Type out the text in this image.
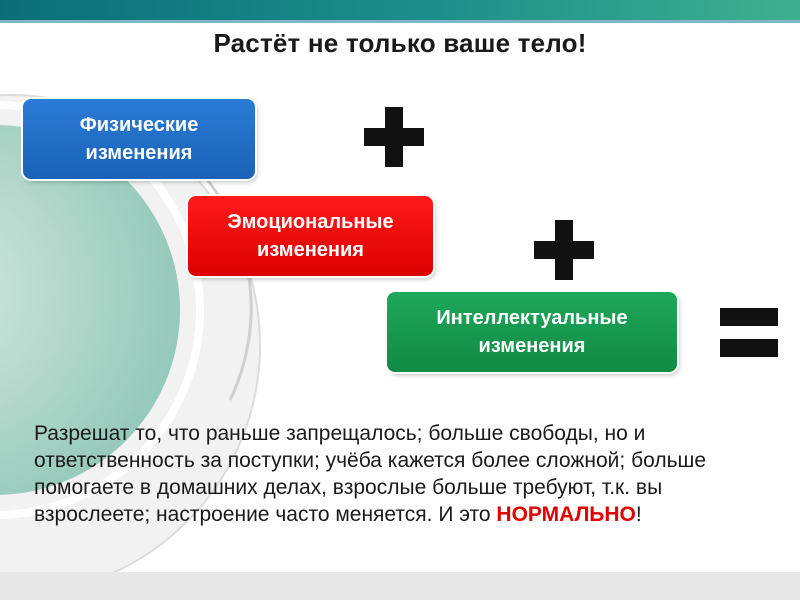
Растёт не только ваше тело!
Физические
изменения
Эмоциональные
изменения
Интеллектуальные
изменения
Разрешат то, что раньше запрещалось; больше свободы, но и ответственность за поступки; учёба кажется более сложной; больше помогаете в домашних делах, взрослые больше требуют, т.к. вы взрослеете; настроение часто меняется. И это НОРМАЛЬНО!
